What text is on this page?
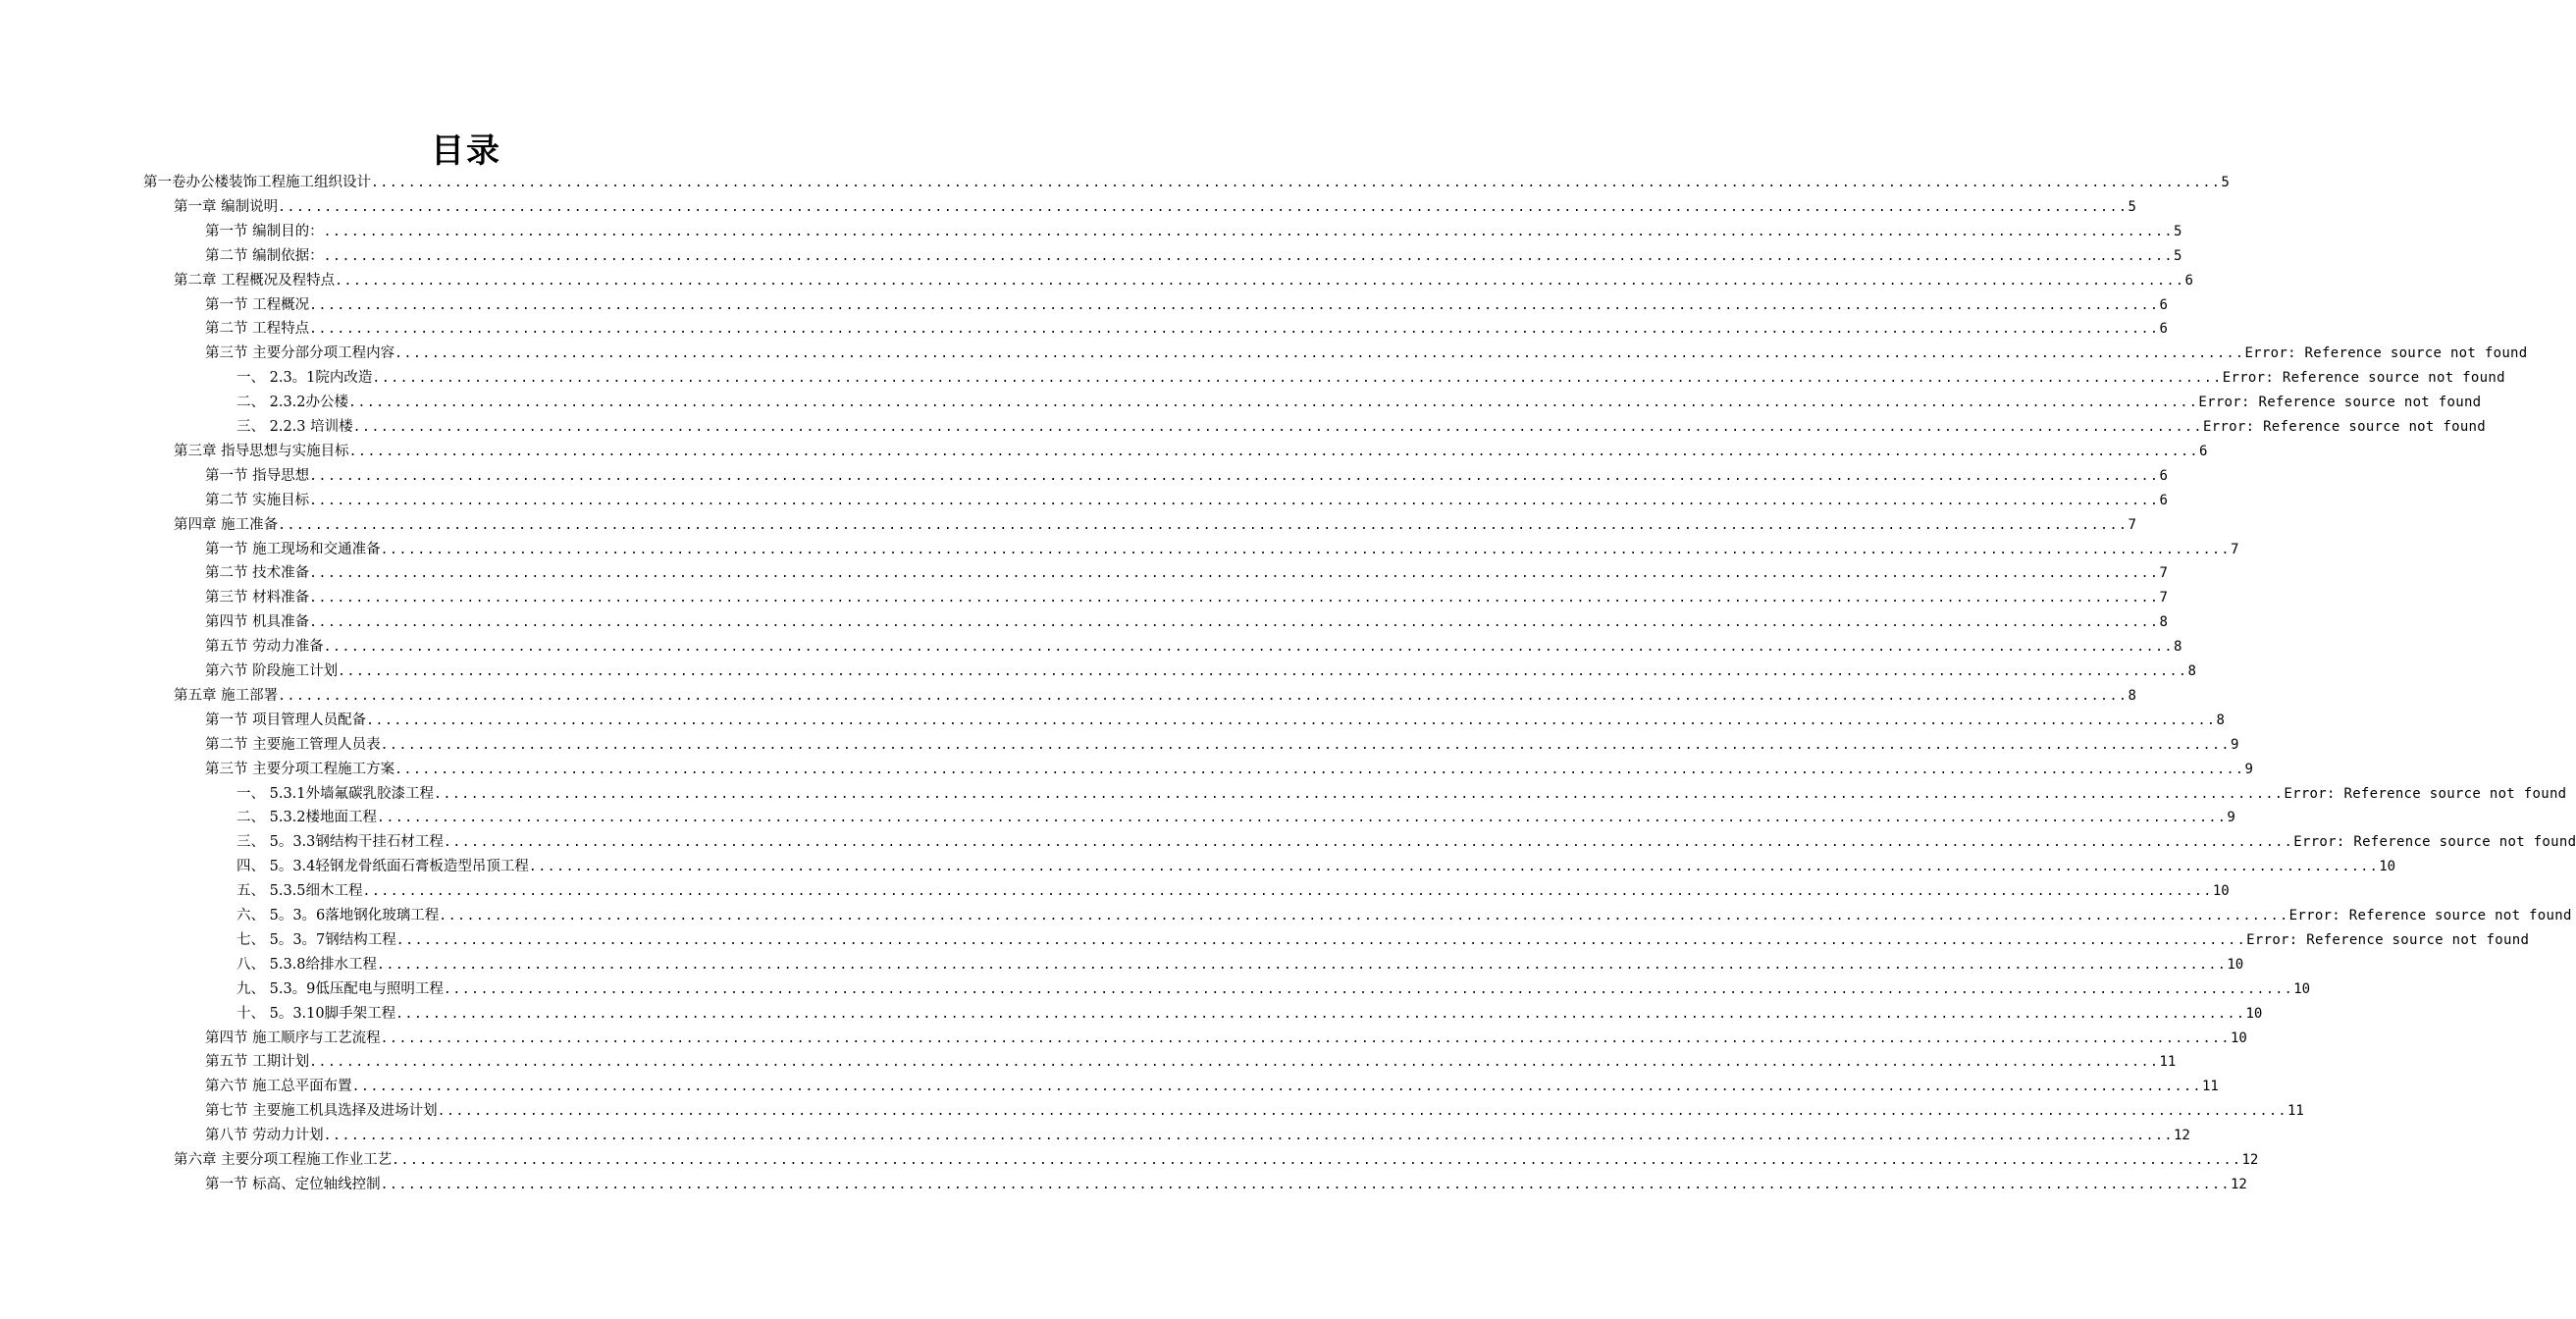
目录
第一卷办公楼装饰工程施工组织设计 ........................................................................................................................................................................................................ 5
第一章 编制说明 ........................................................................................................................................................................................................ 5
第一节 编制目的： ........................................................................................................................................................................................................ 5
第二节 编制依据： ........................................................................................................................................................................................................ 5
第二章 工程概况及程特点 ........................................................................................................................................................................................................ 6
第一节 工程概况 ........................................................................................................................................................................................................ 6
第二节 工程特点 ........................................................................................................................................................................................................ 6
第三节 主要分部分项工程内容 ........................................................................................................................................................................................................ Error: Reference source not found
一、 2.3。1院内改造 ........................................................................................................................................................................................................ Error: Reference source not found
二、 2.3.2办公楼 ........................................................................................................................................................................................................ Error: Reference source not found
三、 2.2.3 培训楼 ........................................................................................................................................................................................................ Error: Reference source not found
第三章 指导思想与实施目标 ........................................................................................................................................................................................................ 6
第一节 指导思想 ........................................................................................................................................................................................................ 6
第二节 实施目标 ........................................................................................................................................................................................................ 6
第四章 施工准备 ........................................................................................................................................................................................................ 7
第一节 施工现场和交通准备 ........................................................................................................................................................................................................ 7
第二节 技术准备 ........................................................................................................................................................................................................ 7
第三节 材料准备 ........................................................................................................................................................................................................ 7
第四节 机具准备 ........................................................................................................................................................................................................ 8
第五节 劳动力准备 ........................................................................................................................................................................................................ 8
第六节 阶段施工计划 ........................................................................................................................................................................................................ 8
第五章 施工部署 ........................................................................................................................................................................................................ 8
第一节 项目管理人员配备 ........................................................................................................................................................................................................ 8
第二节 主要施工管理人员表 ........................................................................................................................................................................................................ 9
第三节 主要分项工程施工方案 ........................................................................................................................................................................................................ 9
一、 5.3.1外墙氟碳乳胶漆工程 ........................................................................................................................................................................................................ Error: Reference source not found
二、 5.3.2楼地面工程 ........................................................................................................................................................................................................ 9
三、 5。3.3钢结构干挂石材工程 ........................................................................................................................................................................................................ Error: Reference source not found
四、 5。3.4轻钢龙骨纸面石膏板造型吊顶工程 ........................................................................................................................................................................................................ 10
五、 5.3.5细木工程 ........................................................................................................................................................................................................ 10
六、 5。3。6落地钢化玻璃工程 ........................................................................................................................................................................................................ Error: Reference source not found
七、 5。3。7钢结构工程 ........................................................................................................................................................................................................ Error: Reference source not found
八、 5.3.8给排水工程 ........................................................................................................................................................................................................ 10
九、 5.3。9低压配电与照明工程 ........................................................................................................................................................................................................ 10
十、 5。3.10脚手架工程 ........................................................................................................................................................................................................ 10
第四节 施工顺序与工艺流程 ........................................................................................................................................................................................................ 10
第五节 工期计划 ........................................................................................................................................................................................................ 11
第六节 施工总平面布置 ........................................................................................................................................................................................................ 11
第七节 主要施工机具选择及进场计划 ........................................................................................................................................................................................................ 11
第八节 劳动力计划 ........................................................................................................................................................................................................ 12
第六章 主要分项工程施工作业工艺 ........................................................................................................................................................................................................ 12
第一节 标高、定位轴线控制 ........................................................................................................................................................................................................ 12
